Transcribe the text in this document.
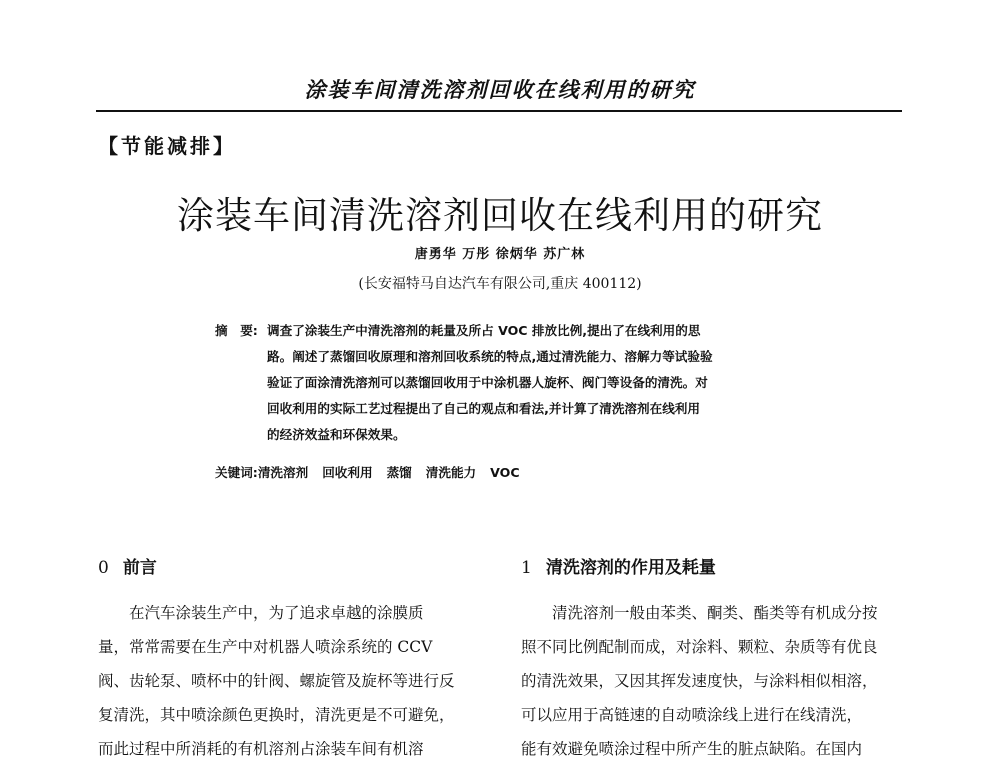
涂装车间清洗溶剂回收在线利用的研究
【节能减排】
涂装车间清洗溶剂回收在线利用的研究
唐勇华 万彤 徐炳华 苏广林
(长安福特马自达汽车有限公司,重庆 400112)
摘　要: 调查了涂装生产中清洗溶剂的耗量及所占 VOC 排放比例,提出了在线利用的思
路。阐述了蒸馏回收原理和溶剂回收系统的特点,通过清洗能力、溶解力等试验验
验证了面涂清洗溶剂可以蒸馏回收用于中涂机器人旋杯、阀门等设备的清洗。对
回收利用的实际工艺过程提出了自己的观点和看法,并计算了清洗溶剂在线利用
的经济效益和环保效果。
关键词:清洗溶剂 回收利用 蒸馏 清洗能力 VOC
0 前言	1 清洗溶剂的作用及耗量
在汽车涂装生产中，为了追求卓越的涂膜质
量，常常需要在生产中对机器人喷涂系统的 CCV
阀、齿轮泵、喷杯中的针阀、螺旋管及旋杯等进行反
复清洗，其中喷涂颜色更换时，清洗更是不可避免，
而此过程中所消耗的有机溶剂占涂装车间有机溶
清洗溶剂一般由苯类、酮类、酯类等有机成分按
照不同比例配制而成，对涂料、颗粒、杂质等有优良
的清洗效果，又因其挥发速度快，与涂料相似相溶，
可以应用于高链速的自动喷涂线上进行在线清洗，
能有效避免喷涂过程中所产生的脏点缺陷。在国内
